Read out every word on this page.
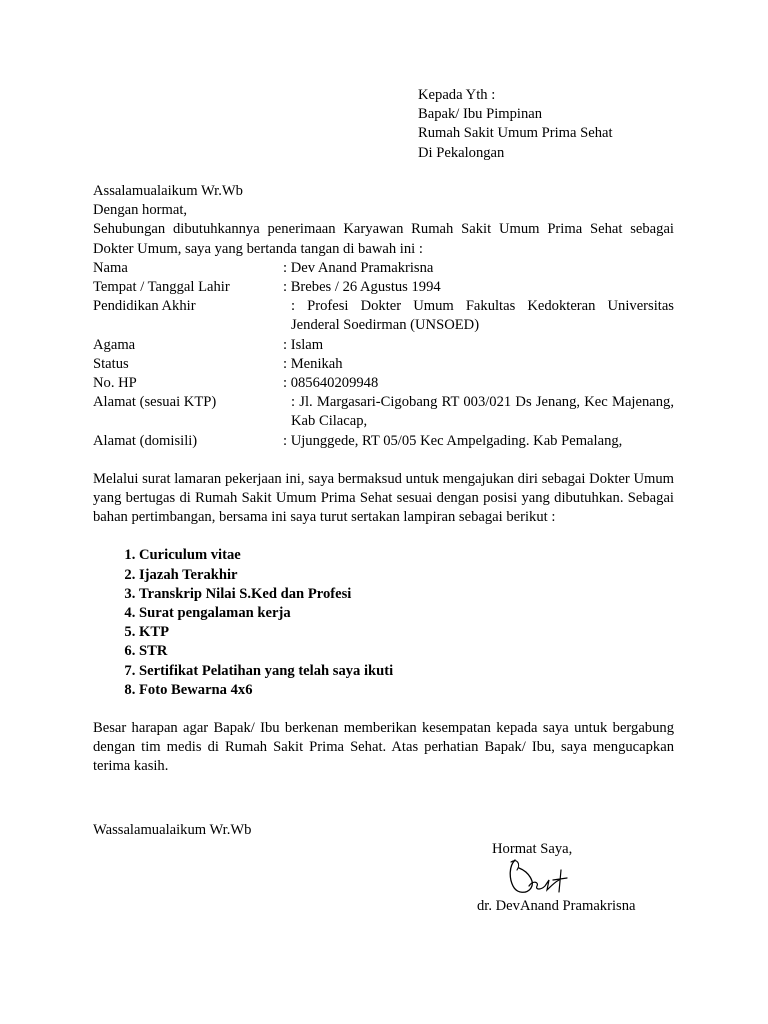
Kepada Yth :
Bapak/ Ibu Pimpinan
Rumah Sakit Umum Prima Sehat
Di Pekalongan
Assalamualaikum Wr.Wb
Dengan hormat,
Sehubungan dibutuhkannya penerimaan Karyawan Rumah Sakit Umum Prima Sehat sebagai Dokter Umum, saya yang bertanda tangan di bawah ini :
Nama	: Dev Anand Pramakrisna
Tempat / Tanggal Lahir	: Brebes / 26 Agustus 1994
Pendidikan Akhir	: Profesi Dokter Umum Fakultas Kedokteran Universitas Jenderal Soedirman (UNSOED)
Agama	: Islam
Status	: Menikah
No. HP	: 085640209948
Alamat (sesuai KTP)	: Jl. Margasari-Cigobang RT 003/021 Ds Jenang, Kec Majenang, Kab Cilacap,
Alamat (domisili)	: Ujunggede, RT 05/05 Kec Ampelgading. Kab Pemalang,
Melalui surat lamaran pekerjaan ini, saya bermaksud untuk mengajukan diri sebagai Dokter Umum yang bertugas di Rumah Sakit Umum Prima Sehat sesuai dengan posisi yang dibutuhkan. Sebagai bahan pertimbangan, bersama ini saya turut sertakan lampiran sebagai berikut :
1. Curiculum vitae
2. Ijazah Terakhir
3. Transkrip Nilai S.Ked dan Profesi
4. Surat pengalaman kerja
5. KTP
6. STR
7. Sertifikat Pelatihan yang telah saya ikuti
8. Foto Bewarna 4x6
Besar harapan agar Bapak/ Ibu berkenan memberikan kesempatan kepada saya untuk bergabung dengan tim medis di Rumah Sakit Prima Sehat. Atas perhatian Bapak/ Ibu, saya mengucapkan terima kasih.
Wassalamualaikum Wr.Wb
Hormat Saya,
dr. DevAnand Pramakrisna
